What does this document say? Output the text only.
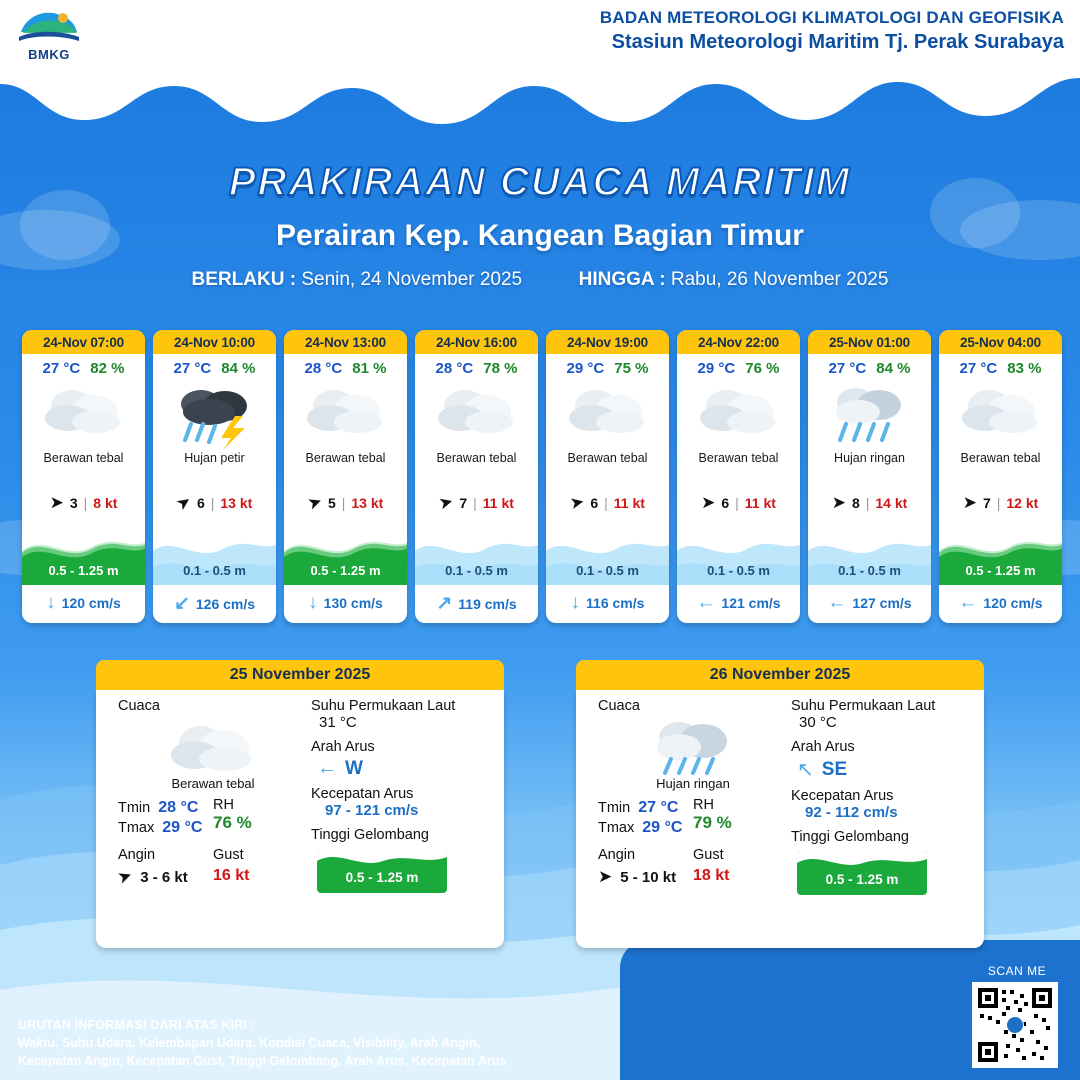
BMKG
BADAN METEOROLOGI KLIMATOLOGI DAN GEOFISIKA
Stasiun Meteorologi Maritim Tj. Perak Surabaya
PRAKIRAAN CUACA MARITIM
Perairan Kep. Kangean Bagian Timur
BERLAKU : Senin, 24 November 2025	HINGGA : Rabu, 26 November 2025
24-Nov 07:00
27 °C 82 %
Berawan tebal
➤ 3 | 8 kt
0.5 - 1.25 m
↓ 120 cm/s
24-Nov 10:00
27 °C 84 %
Hujan petir
➤ 6 | 13 kt
0.1 - 0.5 m
↙ 126 cm/s
24-Nov 13:00
28 °C 81 %
Berawan tebal
➤ 5 | 13 kt
0.5 - 1.25 m
↓ 130 cm/s
24-Nov 16:00
28 °C 78 %
Berawan tebal
➤ 7 | 11 kt
0.1 - 0.5 m
↗ 119 cm/s
24-Nov 19:00
29 °C 75 %
Berawan tebal
➤ 6 | 11 kt
0.1 - 0.5 m
↓ 116 cm/s
24-Nov 22:00
29 °C 76 %
Berawan tebal
➤ 6 | 11 kt
0.1 - 0.5 m
← 121 cm/s
25-Nov 01:00
27 °C 84 %
Hujan ringan
➤ 8 | 14 kt
0.1 - 0.5 m
← 127 cm/s
25-Nov 04:00
27 °C 83 %
Berawan tebal
➤ 7 | 12 kt
0.5 - 1.25 m
← 120 cm/s
25 November 2025
Cuaca
Berawan tebal
Tmin 28 °C
Tmax 29 °C
RH
76 %
Angin
➤ 3 - 6 kt
Gust
16 kt
Suhu Permukaan Laut
31 °C
Arah Arus
← W
Kecepatan Arus
97 - 121 cm/s
Tinggi Gelombang
0.5 - 1.25 m
26 November 2025
Cuaca
Hujan ringan
Tmin 27 °C
Tmax 29 °C
RH
79 %
Angin
➤ 5 - 10 kt
Gust
18 kt
Suhu Permukaan Laut
30 °C
Arah Arus
↖ SE
Kecepatan Arus
92 - 112 cm/s
Tinggi Gelombang
0.5 - 1.25 m
SCAN ME
URUTAN INFORMASI DARI ATAS KIRI :
Waktu, Suhu Udara, Kelembapan Udara, Kondisi Cuaca, Visibility, Arah Angin,
Kecepatan Angin, Kecepatan Gust, Tinggi Gelombang, Arah Arus, Kecepatan Arus
